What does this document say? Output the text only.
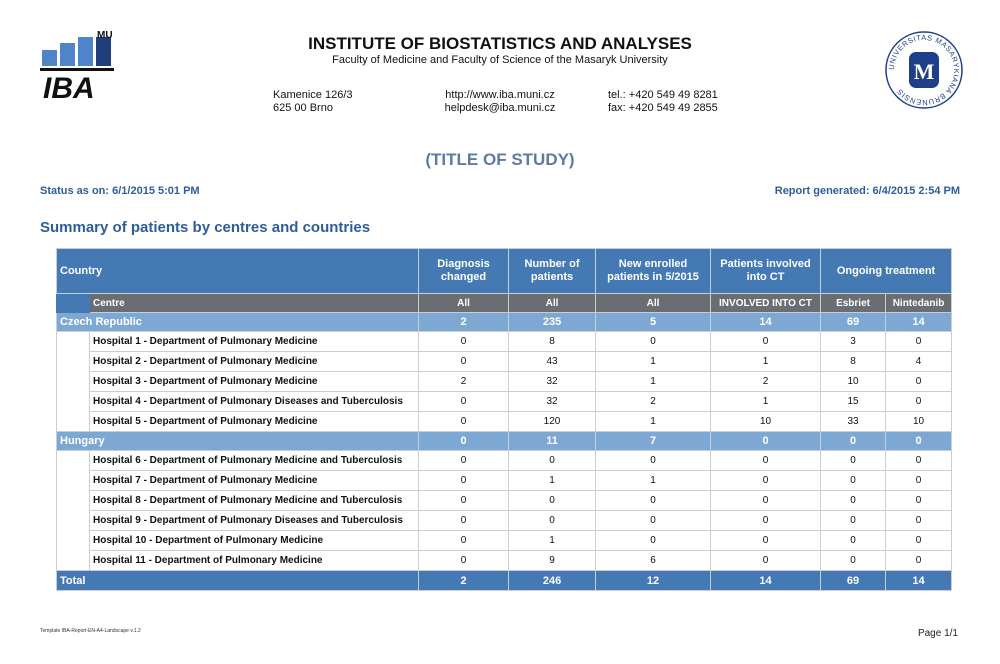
MU
IBA
INSTITUTE OF BIOSTATISTICS AND ANALYSES
Faculty of Medicine and Faculty of Science of the Masaryk University
Kamenice 126/3
625 00 Brno
http://www.iba.muni.cz
helpdesk@iba.muni.cz
tel.: +420 549 49 8281
fax: +420 549 49 2855
UNIVERSITAS MASARYKIANA BRUNENSIS
M
(TITLE OF STUDY)
Status as on: 6/1/2015 5:01 PM	Report generated: 6/4/2015 2:54 PM
Summary of patients by centres and countries
Country		Diagnosis changed	Number of patients	New enrolled patients in 5/2015	Patients involved into CT	Ongoing treatment	
	Centre	All	All	All	INVOLVED INTO CT	Esbriet	Nintedanib
Czech Republic		2	235	5	14	69	14
	Hospital 1 - Department of Pulmonary Medicine	0	8	0	0	3	0
	Hospital 2 - Department of Pulmonary Medicine	0	43	1	1	8	4
	Hospital 3 - Department of Pulmonary Medicine	2	32	1	2	10	0
	Hospital 4 - Department of Pulmonary Diseases and Tuberculosis	0	32	2	1	15	0
	Hospital 5 - Department of Pulmonary Medicine	0	120	1	10	33	10
Hungary		0	11	7	0	0	0
	Hospital 6 - Department of Pulmonary Medicine and Tuberculosis	0	0	0	0	0	0
	Hospital 7 - Department of Pulmonary Medicine	0	1	1	0	0	0
	Hospital 8 - Department of Pulmonary Medicine and Tuberculosis	0	0	0	0	0	0
	Hospital 9 - Department of Pulmonary Diseases and Tuberculosis	0	0	0	0	0	0
	Hospital 10 - Department of Pulmonary Medicine	0	1	0	0	0	0
	Hospital 11 - Department of Pulmonary Medicine	0	9	6	0	0	0
Total		2	246	12	14	69	14
Template IBA-Report-EN-A4-Landscape v.1.2	Page 1/1
